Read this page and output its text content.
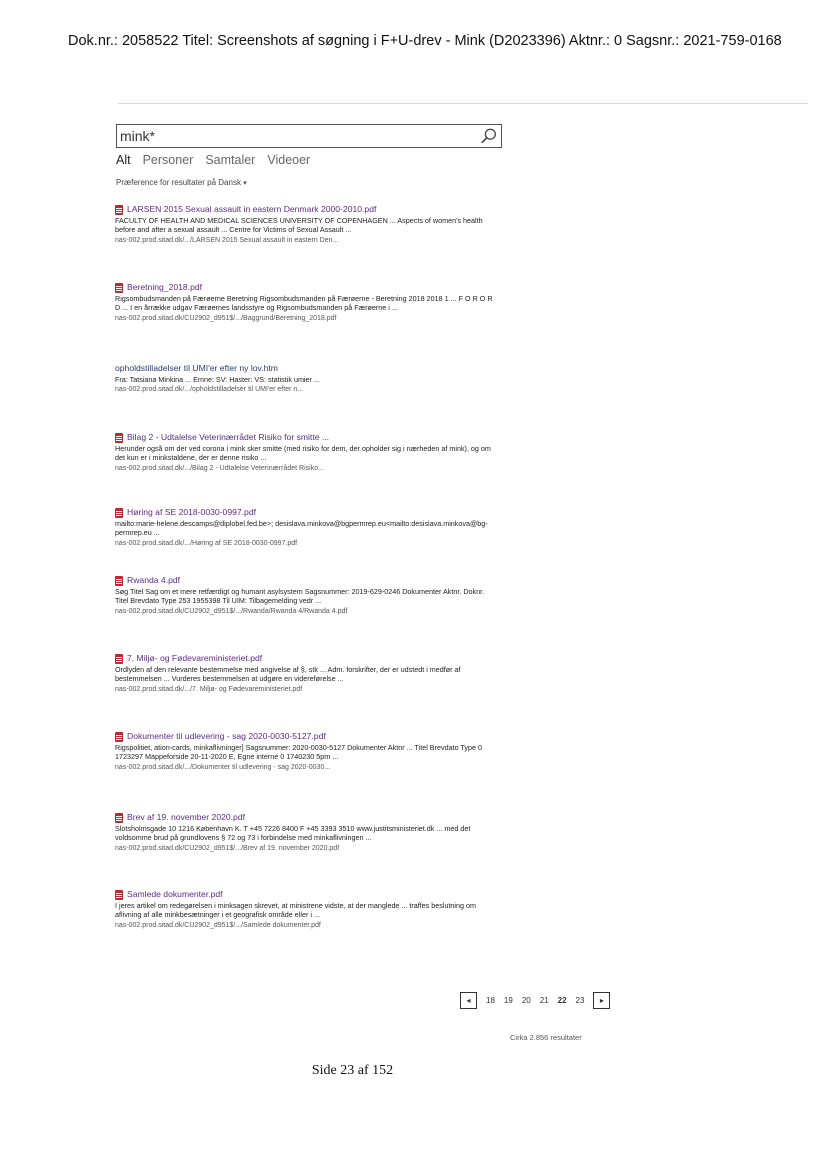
Dok.nr.: 2058522 Titel: Screenshots af søgning i F+U-drev - Mink (D2023396) Aktnr.: 0 Sagsnr.: 2021-759-0168
mink*
Alt Personer Samtaler Videoer
Præference for resultater på Dansk ▾
LARSEN 2015 Sexual assault in eastern Denmark 2000-2010.pdf
FACULTY OF HEALTH AND MEDICAL SCIENCES UNIVERSITY OF COPENHAGEN ... Aspects of women's health before and after a sexual assault ... Centre for Victims of Sexual Assault ...
nas-002.prod.sitad.dk/.../LARSEN 2015 Sexual assault in eastern Den...
Beretning_2018.pdf
Rigsombudsmanden på Færøerne Beretning Rigsombudsmanden på Færøerne - Beretning 2018 2018 1 ... F O R O R D ... I en årrække udgav Færøernes landsstyre og Rigsombudsmanden på Færøerne i ...
nas-002.prod.sitad.dk/CU2902_d951$/.../Baggrund/Beretning_2018.pdf
opholdstilladelser til UMI'er efter ny lov.htm
Fra: Tatsiana Minkina ... Emne: SV: Haster: VS: statistik umier ...
nas-002.prod.sitad.dk/.../opholdstilladelser til UMI'er efter n...
Bilag 2 - Udtalelse Veterinærrådet Risiko for smitte ...
Herunder også om der ved corona i mink sker smitte (med risiko for dem, der opholder sig i nærheden af mink), og om det kun er i minkstaldene, der er denne risiko ...
nas-002.prod.sitad.dk/.../Bilag 2 - Udtalelse Veterinærrådet Risiko...
Høring af SE 2018-0030-0997.pdf
mailto:marie-helene.descamps@diplobel.fed.be>; desislava.minkova@bgpermrep.eu<mailto:desislava.minkova@bg-permrep.eu ...
nas-002.prod.sitad.dk/.../Høring af SE 2018-0030-0997.pdf
Rwanda 4.pdf
Søg Titel Sag om et mere retfærdigt og humant asylsystem Sagsnummer: 2019-629-0246 Dokumenter Aktnr. Doknr. Titel Brevdato Type 253 1955398 Til UIM: Tilbagemelding vedr ...
nas-002.prod.sitad.dk/CU2902_d951$/.../Rwanda/Rwanda 4/Rwanda 4.pdf
7. Miljø- og Fødevareministeriet.pdf
Ordlyden af den relevante bestemmelse med angivelse af §, stk ... Adm. forskrifter, der er udstedt i medfør af bestemmelsen ... Vurderes bestemmelsen at udgøre en videreførelse ...
nas-002.prod.sitad.dk/.../7. Miljø- og Fødevareministeriet.pdf
Dokumenter til udlevering - sag 2020-0030-5127.pdf
Rigspolitiet, ation-cards, minkaflivninger] Sagsnummer: 2020-0030-5127 Dokumenter Aktnr ... Titel Brevdato Type 0 1723297 Mappeforside 20-11-2020 E, Egne interne 0 1740230 5pm ...
nas-002.prod.sitad.dk/.../Dokumenter til udlevering - sag 2020-0030...
Brev af 19. november 2020.pdf
Slotsholmsgade 10 1216 København K. T +45 7226 8400 F +45 3393 3510 www.justitsministeriet.dk ... med det voldsomme brud på grundlovens § 72 og 73 i forbindelse med minkaflivningen ...
nas-002.prod.sitad.dk/CU2902_d951$/.../Brev af 19. november 2020.pdf
Samlede dokumenter.pdf
I jeres artikel om redegørelsen i minksagen skrevet, at ministrene vidste, at der manglede ... traffes beslutning om aflivning af alle minkbesætninger i et geografisk område eller i ...
nas-002.prod.sitad.dk/CU2902_d951$/.../Samlede dokumenter.pdf
◂	18 19 20 21 22 23	▸
Cirka 2.856 resultater
Side 23 af 152
